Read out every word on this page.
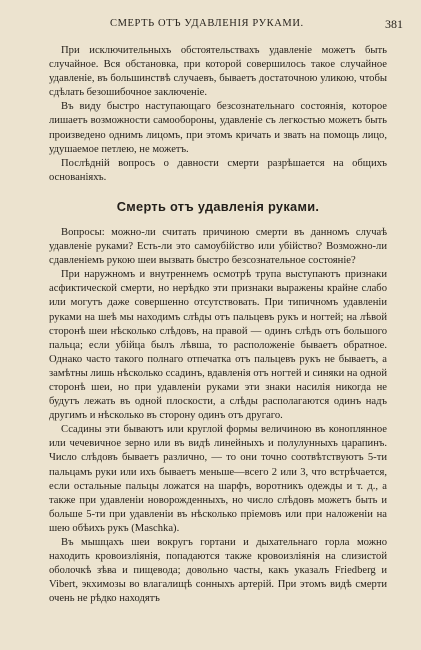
СМЕРТЬ ОТЪ УДАВЛЕНІЯ РУКАМИ.	381

При исключительныхъ обстоятельствахъ удавленіе можетъ быть случайное. Вся обстановка, при которой совершилось такое случайное удавленіе, въ большинствѣ случаевъ, бываетъ достаточною уликою, чтобы сдѣлать безошибочное заключеніе.

Въ виду быстро наступающаго безсознательнаго состоянія, которое лишаетъ возможности самообороны, удавленіе съ легкостью можетъ быть произведено однимъ лицомъ, при этомъ кричать и звать на помощь лицо, удушаемое петлею, не можетъ.

Послѣдній вопросъ о давности смерти разрѣшается на общихъ основаніяхъ.

Смерть отъ удавленія руками.

Вопросы: можно-ли считать причиною смерти въ данномъ случаѣ удавленіе руками? Есть-ли это самоубійство или убійство? Возможно-ли сдавленіемъ рукою шеи вызвать быстро безсознательное состояніе?

При наружномъ и внутреннемъ осмотрѣ трупа выступаютъ признаки асфиктической смерти, но нерѣдко эти признаки выражены крайне слабо или могутъ даже совершенно отсутствовать. При типичномъ удавленіи руками на шеѣ мы находимъ слѣды отъ пальцевъ рукъ и ногтей; на лѣвой сторонѣ шеи нѣсколько слѣдовъ, на правой — одинъ слѣдъ отъ большого пальца; если убійца былъ лѣвша, то расположеніе бываетъ обратное. Однако часто такого полнаго отпечатка отъ пальцевъ рукъ не бываетъ, а замѣтны лишь нѣсколько ссадинъ, вдавленія отъ ногтей и синяки на одной сторонѣ шеи, но при удавленіи руками эти знаки насилія никогда не будутъ лежать въ одной плоскости, а слѣды располагаются одинъ надъ другимъ и нѣсколько въ сторону одинъ отъ другаго.

Ссадины эти бываютъ или круглой формы величиною въ коноплянное или чечевичное зерно или въ видѣ линейныхъ и полулунныхъ царапинъ. Число слѣдовъ бываетъ различно, — то они точно соотвѣтствуютъ 5-ти пальцамъ руки или ихъ бываетъ меньше—всего 2 или 3, что встрѣчается, если остальные пальцы ложатся на шарфъ, воротникъ одежды и т. д., а также при удавленіи новорожденныхъ, но число слѣдовъ можетъ быть и больше 5-ти при удавленіи въ нѣсколько пріемовъ или при наложеніи на шею обѣихъ рукъ (Maschka).

Въ мышцахъ шеи вокругъ гортани и дыхательнаго горла можно находить кровоизліянія, попадаются также кровоизліянія на слизистой оболочкѣ зѣва и пищевода; довольно часты, какъ указалъ Friedberg и Vibert, экхимозы во влагалищѣ сонныхъ артерій. При этомъ видѣ смерти очень не рѣдко находятъ
